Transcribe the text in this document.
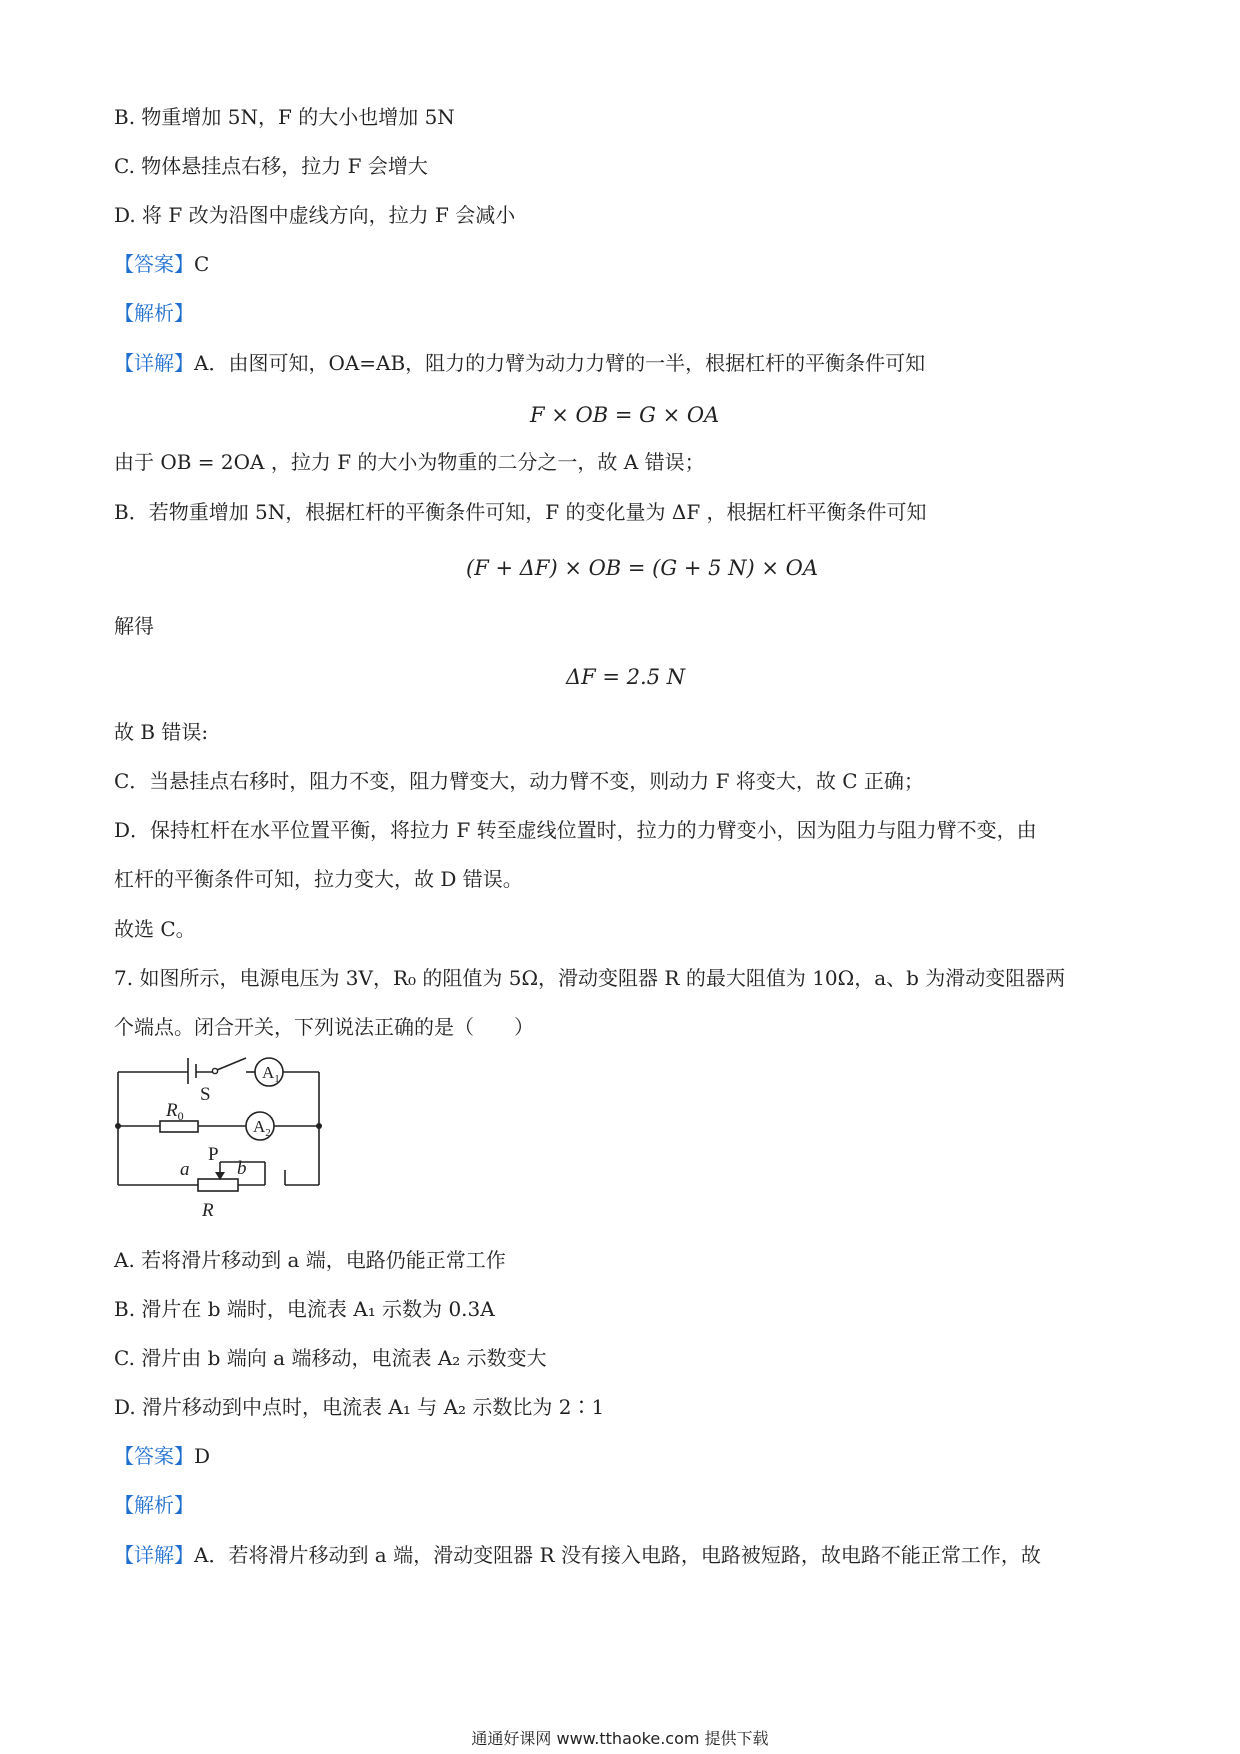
B. 物重增加 5N，F 的大小也增加 5N
C. 物体悬挂点右移，拉力 F 会增大
D. 将 F 改为沿图中虚线方向，拉力 F 会减小
【答案】C
【解析】
【详解】A．由图可知，OA=AB，阻力的力臂为动力力臂的一半，根据杠杆的平衡条件可知
F × OB = G × OA
由于 OB = 2OA ，拉力 F 的大小为物重的二分之一，故 A 错误；
B．若物重增加 5N，根据杠杆的平衡条件可知，F 的变化量为 ΔF ，根据杠杆平衡条件可知
(F + ΔF) × OB = (G + 5 N) × OA
解得
ΔF = 2.5 N
故 B 错误:
C．当悬挂点右移时，阻力不变，阻力臂变大，动力臂不变，则动力 F 将变大，故 C 正确；
D．保持杠杆在水平位置平衡，将拉力 F 转至虚线位置时，拉力的力臂变小，因为阻力与阻力臂不变，由
杠杆的平衡条件可知，拉力变大，故 D 错误。
故选 C。
7. 如图所示，电源电压为 3V，R₀ 的阻值为 5Ω，滑动变阻器 R 的最大阻值为 10Ω，a、b 为滑动变阻器两
个端点。闭合开关，下列说法正确的是（　　）
S
$A_1$
$A_2$
$R_0$
a
P
b
R
A. 若将滑片移动到 a 端，电路仍能正常工作
B. 滑片在 b 端时，电流表 A₁ 示数为 0.3A
C. 滑片由 b 端向 a 端移动，电流表 A₂ 示数变大
D. 滑片移动到中点时，电流表 A₁ 与 A₂ 示数比为 2∶1
【答案】D
【解析】
【详解】A．若将滑片移动到 a 端，滑动变阻器 R 没有接入电路，电路被短路，故电路不能正常工作，故
通通好课网 www.tthaoke.com 提供下载
